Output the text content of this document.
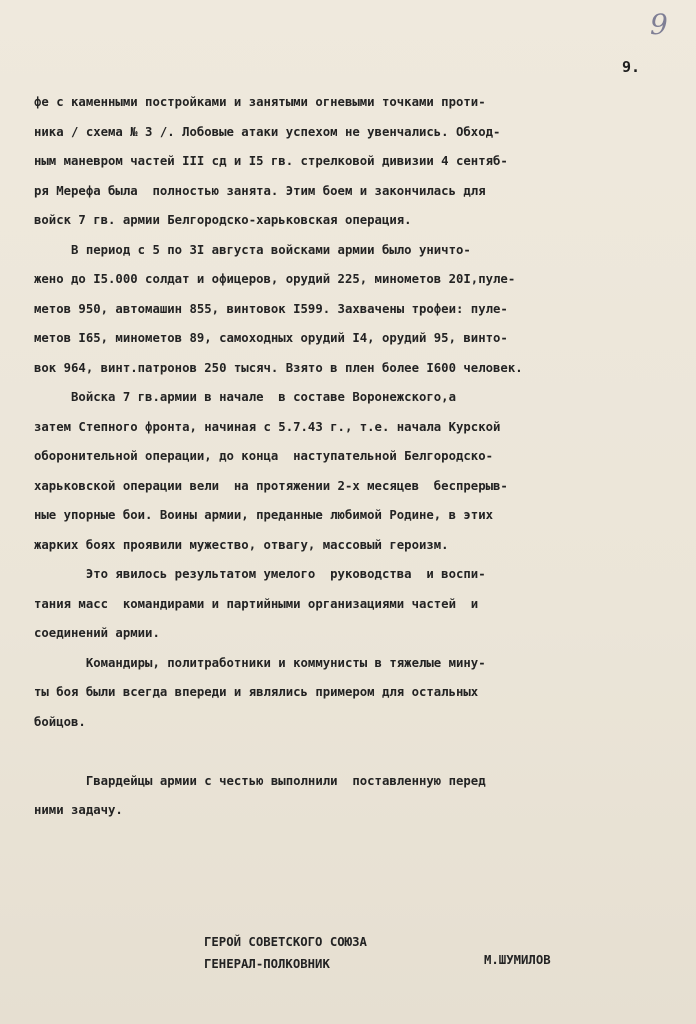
9
9.
фе с каменными постройками и занятыми огневыми точками проти-
ника / схема № 3 /. Лобовые атаки успехом не увенчались. Обход-
ным маневром частей III сд и I5 гв. стрелковой дивизии 4 сентяб-
ря Мерефа была  полностью занята. Этим боем и закончилась для
войск 7 гв. армии Белгородско-харьковская операция.
В период с 5 по 3I августа войсками армии было уничто-
жено до I5.000 солдат и офицеров, орудий 225, минометов 20I,пуле-
метов 950, автомашин 855, винтовок I599. Захвачены трофеи: пуле-
метов I65, минометов 89, самоходных орудий I4, орудий 95, винто-
вок 964, винт.патронов 250 тысяч. Взято в плен более I600 человек.
Войска 7 гв.армии в начале  в составе Воронежского,а
затем Степного фронта, начиная с 5.7.43 г., т.е. начала Курской
оборонительной операции, до конца  наступательной Белгородско-
харьковской операции вели  на протяжении 2-х месяцев  беспрерыв-
ные упорные бои. Воины армии, преданные любимой Родине, в этих
жарких боях проявили мужество, отвагу, массовый героизм.
Это явилось результатом умелого  руководства  и воспи-
тания масс  командирами и партийными организациями частей  и
соединений армии.
Командиры, политработники и коммунисты в тяжелые мину-
ты боя были всегда впереди и являлись примером для остальных
бойцов.
Гвардейцы армии с честью выполнили  поставленную перед
ними задачу.
ГЕРОЙ СОВЕТСКОГО СОЮЗА
ГЕНЕРАЛ-ПОЛКОВНИК	М.ШУМИЛОВ
